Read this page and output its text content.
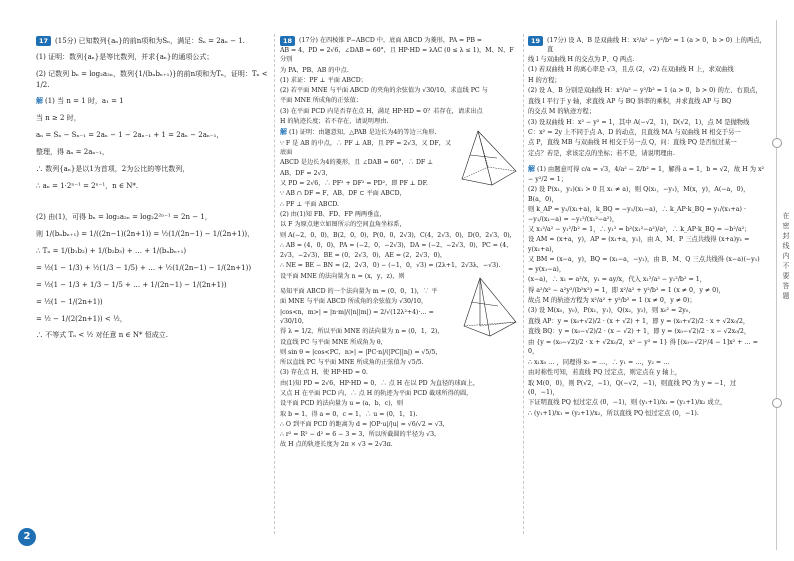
17	(15分) 已知数列{aₙ}的前n项和为Sₙ，满足：Sₙ = 2aₙ − 1.

(1) 证明：数列{aₙ}是等比数列，并求{aₙ}的通项公式；

(2) 记数列 bₙ = log₂a₂ₙ，数列{1/(bₙbₙ₊₁)}的前n项和为Tₙ，证明：Tₙ < 1/2.

解 (1) 当 n = 1 时，a₁ = 1

当 n ≥ 2 时，

aₙ = Sₙ − Sₙ₋₁ = 2aₙ − 1 − 2aₙ₋₁ + 1 = 2aₙ − 2aₙ₋₁，

整理，得 aₙ = 2aₙ₋₁，

∴ 数列{aₙ}是以1为首项，2为公比的等比数列，

∴ aₙ = 1·2ⁿ⁻¹ = 2ⁿ⁻¹，n ∈ N*.

(2) 由(1)，可得 bₙ = log₂a₂ₙ = log₂2²ⁿ⁻¹ = 2n − 1，

则 1/(bₙbₙ₊₁) = 1/((2n−1)(2n+1)) = ½(1/(2n−1) − 1/(2n+1))，

∴ Tₙ = 1/(b₁b₂) + 1/(b₂b₃) + … + 1/(bₙbₙ₊₁)

= ½(1 − 1/3) + ½(1/3 − 1/5) + … + ½(1/(2n−1) − 1/(2n+1))

= ½(1 − 1/3 + 1/3 − 1/5 + … + 1/(2n−1) − 1/(2n+1))

= ½(1 − 1/(2n+1))

= ½ − 1/(2(2n+1)) < ½，

∴ 不等式 Tₙ < ½ 对任意 n ∈ N* 恒成立.

18	(17分) 在四棱锥 P−ABCD 中，底面 ABCD 为菱形，PA = PB =

AB = 4，PD = 2√6，∠DAB = 60°，且 HP·HD = λAC (0 ≤ λ ≤ 1)，M、N、F 分别

为 PA、PB、AB 的中点.

(1) 求证：PF ⊥ 平面 ABCD；

(2) 若平面 MNE 与平面 ABCD 的夹角的余弦值为 √30/10，求直线 PC 与

平面 MNE 所成角的正弦值；

(3) 在平面 PCD 内是否存在点 H，满足 HP·HD = 0？若存在，请求出点

H 的轨迹长度；若不存在，请说明理由.

解 (1) 证明：由题意知，△PAB 是边长为4的等边三角形.

∵ F 是 AB 的中点，∴ PF ⊥ AB，且 PF = 2√3，又 DF，又底面

ABCD 是边长为4的菱形，且 ∠DAB = 60°，∴ DF ⊥

AB，DF = 2√3，

又 PD = 2√6，∴ PF² + DF² = PD²，即 PF ⊥ DF.

∵ AB ∩ DF = F，AB、DF ⊂ 平面 ABCD，

∴ PF ⊥ 平面 ABCD.

(2) 由(1)知 FB、FD、FP 两两垂直，

以 F 为原点建立如图所示的空间直角坐标系，

则 A(−2，0，0)，B(2，0，0)，P(0，0，2√3)，C(4，2√3，0)，D(0，2√3，0)，

∴ AB = (4，0，0)，PA = (−2，0，−2√3)，DA = (−2，−2√3，0)，PC = (4，

2√3，−2√3)，BE = (0，2√3，0)，AE = (2，2√3，0)，

∴ NE = BE − BN = (2，2√3，0) − (−1，0，√3) = (2λ+1，2√3λ，−√3).

设平面 MNE 的法向量为 n = (x，y，z)，则

易知平面 ABCD 的一个法向量为 m = (0，0，1)，∵ 平

面 MNE 与平面 ABCD 所成角的余弦值为 √30/10，

|cos<n，m>| = |n·m|/(|n||m|) = 2/√(12λ²+4)·… = √30/10，

得 λ = 1/2，所以平面 MNE 的法向量为 n = (0，1，2)，

设直线 PC 与平面 MNE 所成角为 θ，

则 sin θ = |cos<PC，n>| = |PC·n|/(|PC||n|) = √5/5，

所以直线 PC 与平面 MNE 所成角的正弦值为 √5/5.

(3) 存在点 H，使 HP·HD = 0.

由(1)知 PD = 2√6，HP·HD = 0，∴ 点 H 在以 PD 为直径的球面上，

又点 H 在平面 PCD 内，∴ 点 H 的轨迹为平面 PCD 截球所得的圆，

设平面 PCD 的法向量为 u = (a，b，c)，则

取 b = 1，得 a = 0，c = 1，∴ u = (0，1，1).

∴ O 到平面 PCD 的距离为 d = |OP·u|/|u| = √6/√2 = √3，

∴ r² = R² − d² = 6 − 3 = 3，所以所截圆的半径为 √3，

故 H 点的轨迹长度为 2π × √3 = 2√3π.

19	(17分) 设 A、B 是双曲线 H：x²/a² − y²/b² = 1 (a > 0，b > 0) 上的两点，直

线 l 与双曲线 H 的交点为 P、Q 两点.

(1) 若双曲线 H 的离心率是 √3，且点 (2，√2) 在双曲线 H 上，求双曲线

H 的方程；

(2) 设 A、B 分别是双曲线 H：x²/a² − y²/b² = 1 (a > 0，b > 0) 的左、右顶点，

直线 l 平行于 y 轴，求直线 AP 与 BQ 斜率的乘积，并求直线 AP 与 BQ

的交点 M 的轨迹方程；

(3) 设双曲线 H：x² − y² = 1，其中 A(−√2，1)，D(√2，1)，点 M 是抛物线

C：x² = 2y 上不同于点 A、D 的动点，且直线 MA 与双曲线 H 相交于另一

点 P，直线 MB 与双曲线 H 相交于另一点 Q，问：直线 PQ 是否恒过某一

定点？若是，求该定点的坐标；若不是，请说明理由.

解 (1) 由题意可得 c/a = √3，4/a² − 2/b² = 1，解得 a = 1，b = √2，故 H 为 x² − y²/2 = 1；

(2) 设 P(x₁，y₁)(x₁ > 0 且 x₁ ≠ a)，则 Q(x₁，−y₁)，M(x，y)，A(−a，0)，B(a，0)，

则 k_AP = y₁/(x₁+a)，k_BQ = −y₁/(x₁−a)，∴ k_AP·k_BQ = y₁/(x₁+a) · −y₁/(x₁−a) = −y₁²/(x₁²−a²)，

又 x₁²/a² − y₁²/b² = 1，∴ y₁² = b²(x₁²−a²)/a²，∴ k_AP·k_BQ = −b²/a²；

设 AM = (x+a，y)，AP = (x₁+a，y₁)，由 A、M、P 三点共线得 (x+a)y₁ = y(x₁+a)，

又 BM = (x−a，y)，BQ = (x₁−a，−y₁)，由 B、M、Q 三点共线得 (x−a)(−y₁) = y(x₁−a)，

(x−a)，∴ x₁ = a²/x，y₁ = ay/x，代入 x₁²/a² − y₁²/b² = 1，

得 a²/x² − a²y²/(b²x²) = 1，即 x²/a² + y²/b² = 1 (x ≠ 0，y ≠ 0)，

故点 M 的轨迹方程为 x²/a² + y²/b² = 1 (x ≠ 0，y ≠ 0)；

(3) 设 M(x₀，y₀)，P(x₁，y₁)，Q(x₂，y₂)，则 x₀² = 2y₀，

直线 AP：y = (x₀+√2)/2 · (x + √2) + 1，即 y = (x₀+√2)/2 · x + √2x₀/2，

直线 BQ：y = (x₀−√2)/2 · (x − √2) + 1，即 y = (x₀−√2)/2 · x − √2x₀/2，

由 {y = (x₀−√2)/2 · x + √2x₀/2，x² − y² = 1} 得 [(x₀−√2)²/4 − 1]x² + … = 0，

∴ x₁x₀ … ，同理得 x₂ = …，∴ y₁ = …，y₂ = …

由对称性可知，若直线 PQ 过定点，则定点在 y 轴上，

取 M(0，0)，则 P(√2，−1)，Q(−√2，−1)，则直线 PQ 为 y = −1，过 (0，−1)，

下证明直线 PQ 恒过定点 (0，−1)，则 (y₁+1)/x₁ = (y₂+1)/x₂ 成立，

∴ (y₁+1)/x₁ = (y₂+1)/x₂，所以直线 PQ 恒过定点 (0，−1).

在密封线内不要答题
2
